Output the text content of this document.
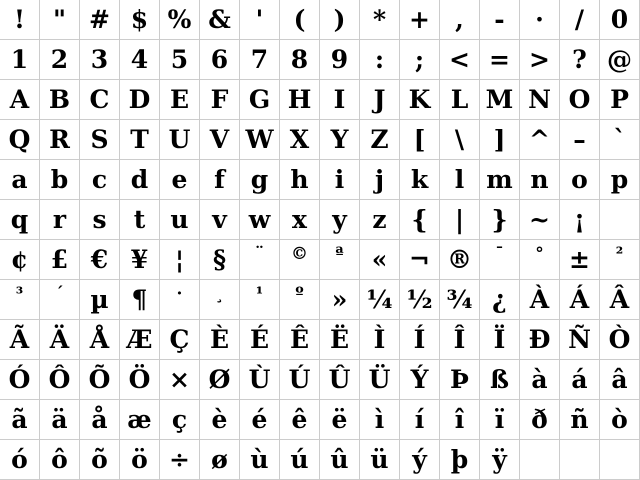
! " # $ % & ' ( ) * + , - · / 0
1 2 3 4 5 6 7 8 9 : ; < = > ? @
A B C D E F G H I J K L M N O P
Q R S T U V W X Y Z [ \ ] ^ – `
a b c d e f g h i j k l m n o p
q r s t u v w x y z { | } ~ ¡
¢ £ € ¥ ¦ § ¨ © ª « ¬ ® ¯ ° ± ²
³ ´ µ ¶ · ¸ ¹ º » ¼ ½ ¾ ¿ À Á Â
Ã Ä Å Æ Ç È É Ê Ë Ì Í Î Ï Ð Ñ Ò
Ó Ô Õ Ö × Ø Ù Ú Û Ü Ý Þ ß à á â
ã ä å æ ç è é ê ë ì í î ï ð ñ ò
ó ô õ ö ÷ ø ù ú û ü ý þ ÿ
